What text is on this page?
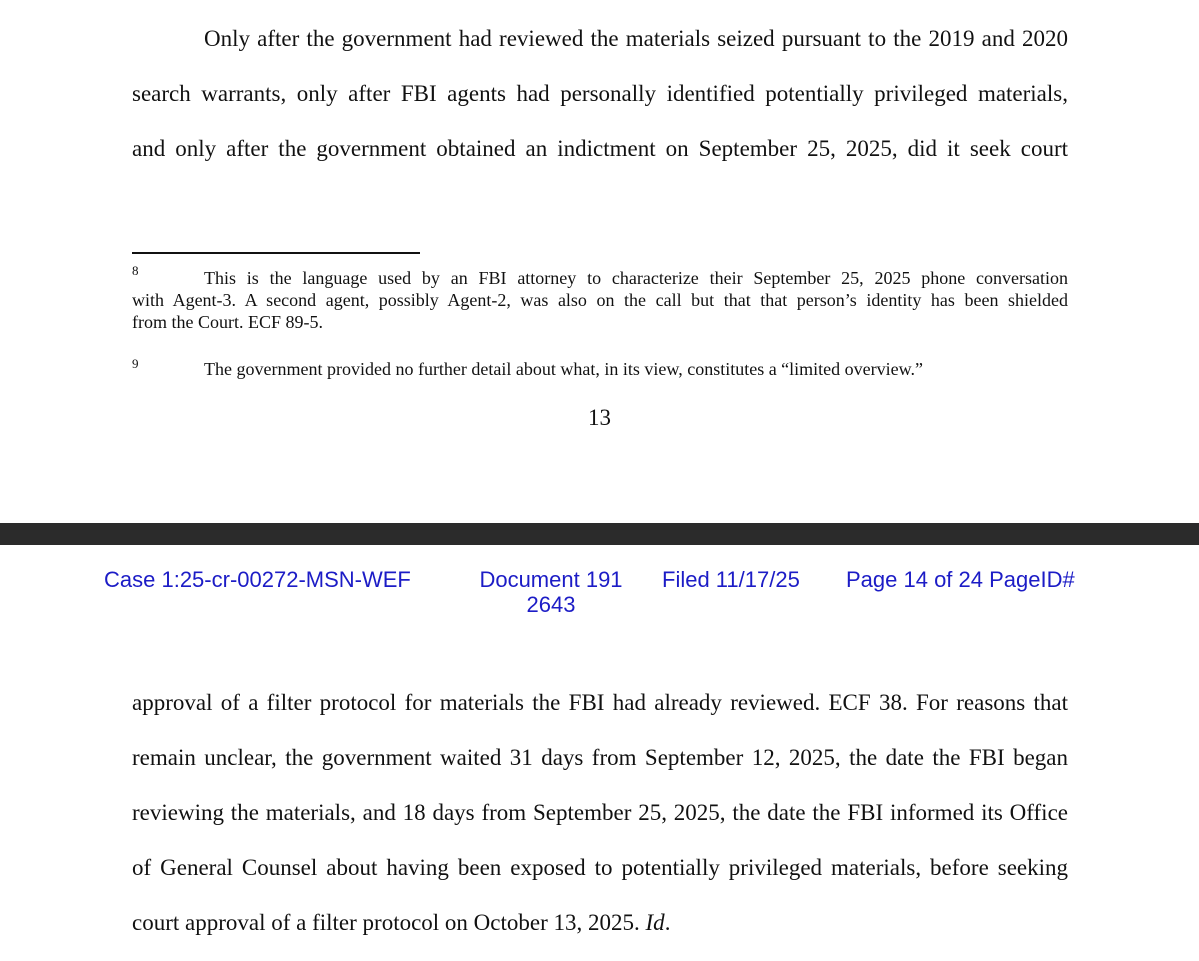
Only after the government had reviewed the materials seized pursuant to the 2019 and 2020

search warrants, only after FBI agents had personally identified potentially privileged materials,

and only after the government obtained an indictment on September 25, 2025, did it seek court

8	This is the language used by an FBI attorney to characterize their September 25, 2025 phone conversation

with Agent-3. A second agent, possibly Agent-2, was also on the call but that that person’s identity has been shielded

from the Court. ECF 89-5.

9	The government provided no further detail about what, in its view, constitutes a “limited overview.”

13
Case 1:25-cr-00272-MSN-WEF	Document 191
2643
Filed 11/17/25 Page 14 of 24 PageID#

approval of a filter protocol for materials the FBI had already reviewed. ECF 38. For reasons that

remain unclear, the government waited 31 days from September 12, 2025, the date the FBI began

reviewing the materials, and 18 days from September 25, 2025, the date the FBI informed its Office

of General Counsel about having been exposed to potentially privileged materials, before seeking

court approval of a filter protocol on October 13, 2025. Id.
